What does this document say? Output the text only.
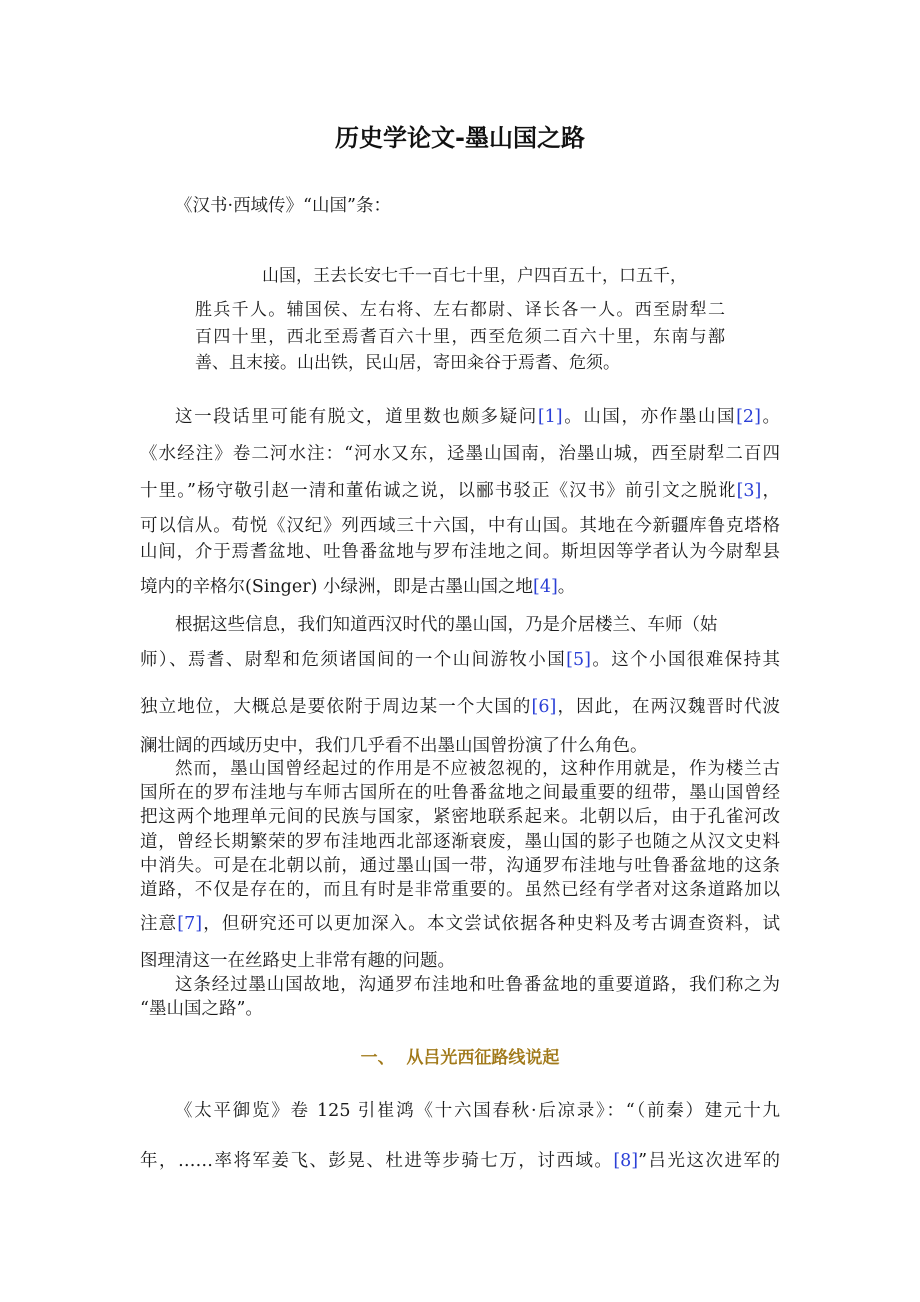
历史学论文-墨山国之路
《汉书·西域传》“山国”条：
山国，王去长安七千一百七十里，户四百五十，口五千，
胜兵千人。辅国侯、左右将、左右都尉、译长各一人。西至尉犁二
百四十里，西北至焉耆百六十里，西至危须二百六十里，东南与鄯
善、且末接。山出铁，民山居，寄田籴谷于焉耆、危须。
这一段话里可能有脱文，道里数也颇多疑问[1]。山国，亦作墨山国[2]。
《水经注》卷二河水注：“河水又东，迳墨山国南，治墨山城，西至尉犁二百四
十里。”杨守敬引赵一清和董佑诚之说，以郦书驳正《汉书》前引文之脱讹[3]，
可以信从。荀悦《汉纪》列西域三十六国，中有山国。其地在今新疆库鲁克塔格
山间，介于焉耆盆地、吐鲁番盆地与罗布洼地之间。斯坦因等学者认为今尉犁县
境内的辛格尔(Singer) 小绿洲，即是古墨山国之地[4]。
根据这些信息，我们知道西汉时代的墨山国，乃是介居楼兰、车师（姑
师）、焉耆、尉犁和危须诸国间的一个山间游牧小国[5]。这个小国很难保持其
独立地位，大概总是要依附于周边某一个大国的[6]，因此，在两汉魏晋时代波
澜壮阔的西域历史中，我们几乎看不出墨山国曾扮演了什么角色。
然而，墨山国曾经起过的作用是不应被忽视的，这种作用就是，作为楼兰古
国所在的罗布洼地与车师古国所在的吐鲁番盆地之间最重要的纽带，墨山国曾经
把这两个地理单元间的民族与国家，紧密地联系起来。北朝以后，由于孔雀河改
道，曾经长期繁荣的罗布洼地西北部逐渐衰废，墨山国的影子也随之从汉文史料
中消失。可是在北朝以前，通过墨山国一带，沟通罗布洼地与吐鲁番盆地的这条
道路，不仅是存在的，而且有时是非常重要的。虽然已经有学者对这条道路加以
注意[7]，但研究还可以更加深入。本文尝试依据各种史料及考古调查资料，试
图理清这一在丝路史上非常有趣的问题。
这条经过墨山国故地，沟通罗布洼地和吐鲁番盆地的重要道路，我们称之为
“墨山国之路”。
一、  从吕光西征路线说起
《太平御览》卷 125 引崔鸿《十六国春秋·后凉录》：“（前秦）建元十九
年，……率将军姜飞、彭晃、杜进等步骑七万，讨西域。[8]”吕光这次进军的
